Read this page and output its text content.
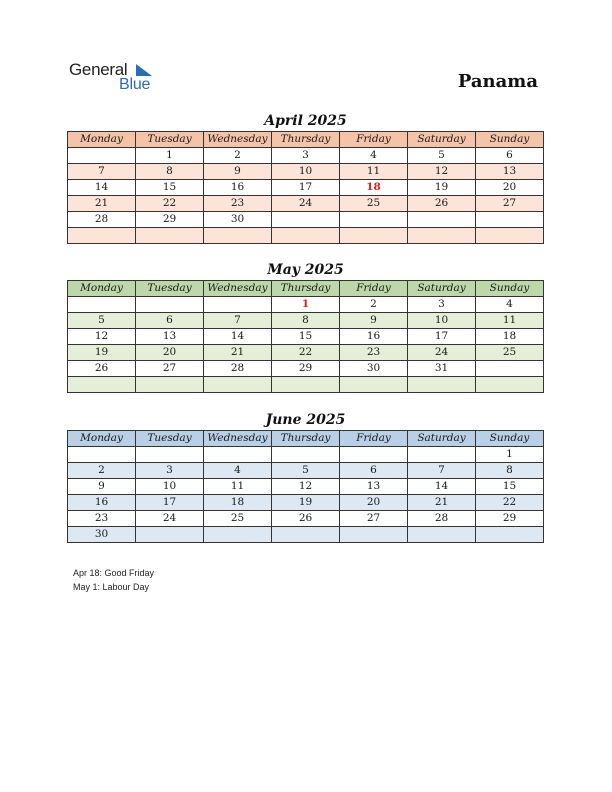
General
Blue	Panama
April 2025
Monday	Tuesday	Wednesday	Thursday	Friday	Saturday	Sunday
	1	2	3	4	5	6
7	8	9	10	11	12	13
14	15	16	17	18	19	20
21	22	23	24	25	26	27
28	29	30				

May 2025
Monday	Tuesday	Wednesday	Thursday	Friday	Saturday	Sunday
			1	2	3	4
5	6	7	8	9	10	11
12	13	14	15	16	17	18
19	20	21	22	23	24	25
26	27	28	29	30	31	

June 2025
Monday	Tuesday	Wednesday	Thursday	Friday	Saturday	Sunday
						1
2	3	4	5	6	7	8
9	10	11	12	13	14	15
16	17	18	19	20	21	22
23	24	25	26	27	28	29
30						
Apr 18: Good Friday
May 1: Labour Day
